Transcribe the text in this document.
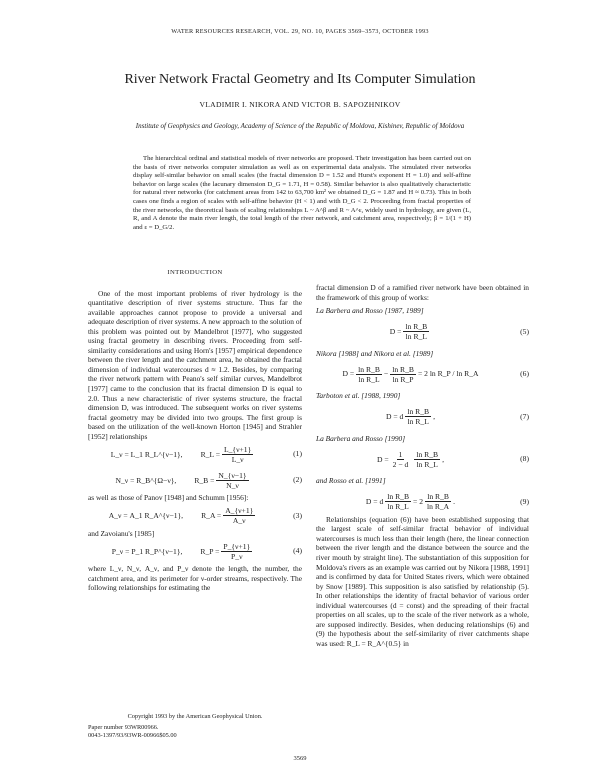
WATER RESOURCES RESEARCH, VOL. 29, NO. 10, PAGES 3569–3573, OCTOBER 1993
River Network Fractal Geometry and Its Computer Simulation
VLADIMIR I. NIKORA AND VICTOR B. SAPOZHNIKOV
Institute of Geophysics and Geology, Academy of Science of the Republic of Moldova, Kishinev, Republic of Moldova
The hierarchical ordinal and statistical models of river networks are proposed. Their investigation has been carried out on the basis of river networks computer simulation as well as on experimental data analysis. The simulated river networks display self-similar behavior on small scales (the fractal dimension D = 1.52 and Hurst's exponent H = 1.0) and self-affine behavior on large scales (the lacunary dimension D_G = 1.71, H = 0.58). Similar behavior is also qualitatively characteristic for natural river networks (for catchment areas from 142 to 63,700 km² we obtained D_G = 1.87 and H ≈ 0.73). This in both cases one finds a region of scales with self-affine behavior (H < 1) and with D_G < 2. Proceeding from fractal properties of the river networks, the theoretical basis of scaling relationships L ~ A^β and R ~ A^ε, widely used in hydrology, are given (L, R, and A denote the main river length, the total length of the river network, and catchment area, respectively; β = 1/(1 + H) and ε = D_G/2.
INTRODUCTION

One of the most important problems of river hydrology is the quantitative description of river systems structure. Thus far the available approaches cannot propose to provide a universal and adequate description of river systems. A new approach to the solution of this problem was pointed out by Mandelbrot [1977], who suggested using fractal geometry in describing rivers. Proceeding from self-similarity considerations and using Horn's [1957] empirical dependence between the river length and the catchment area, he obtained the fractal dimension of individual watercourses d ≈ 1.2. Besides, by comparing the river network pattern with Peano's self similar curves, Mandelbrot [1977] came to the conclusion that its fractal dimension D is equal to 2.0. Thus a new characteristic of river systems structure, the fractal dimension D, was introduced. The subsequent works on river systems fractal geometry may be divided into two groups. The first group is based on the utilization of the well-known Horton [1945] and Strahler [1952] relationships

L_ν = L_1 R_L^{ν−1}, R_L = $\frac{L\_\{\nu+1\}}{L\_\nu}$	(1)
N_ν = R_B^{Ω−ν}, R_B = $\frac{N\_\{\nu-1\}}{N\_\nu}$	(2)

as well as those of Panov [1948] and Schumm [1956]:

A_ν = A_1 R_A^{ν−1}, R_A = $\frac{A\_\{\nu+1\}}{A\_\nu}$	(3)

and Zavoianu's [1985]

P_ν = P_1 R_P^{ν−1}, R_P = $\frac{P\_\{\nu+1\}}{P\_\nu}$	(4)

where L_ν, N_ν, A_ν, and P_ν denote the length, the number, the catchment area, and its perimeter for ν-order streams, respectively. The following relationships for estimating the

fractal dimension D of a ramified river network have been obtained in the framework of this group of works:

La Barbera and Rosso [1987, 1989]
$D = \frac{\text{ln R\_B}}{\text{ln R\_L}}$	(5)
Nikora [1988] and Nikora et al. [1989]
$D = \frac{\text{ln R\_B}}{\text{ln R\_L}} - \frac{\text{ln R\_B}}{\text{ln R\_P}} = 2$ ln R_P / ln R_A	(6)
Tarboton et al. [1988, 1990]
D = d $\frac{\text{ln R\_B}}{\text{ln R\_L}}$ ,	(7)
La Barbera and Rosso [1990]
$D = \frac{1}{2 - d} \frac{\text{ln R\_B}}{\text{ln R\_L}}$ ,	(8)
and Rosso et al. [1991]
D = d $\frac{\text{ln R\_B}}{\text{ln R\_L}} = 2 \frac{\text{ln R\_B}}{\text{ln R\_A}}$ .	(9)

Relationships (equation (6)) have been established supposing that the largest scale of self-similar fractal behavior of individual watercourses is much less than their length (here, the linear connection between the river length and the distance between the source and the river mouth by straight line). The substantiation of this supposition for Moldova's rivers as an example was carried out by Nikora [1988, 1991] and is confirmed by data for United States rivers, which were obtained by Snow [1989]. This supposition is also satisfied by relationship (5). In other relationships the identity of fractal behavior of various order individual watercourses (d = const) and the spreading of their fractal properties on all scales, up to the scale of the river network as a whole, are supposed indirectly. Besides, when deducing relationships (6) and (9) the hypothesis about the self-similarity of river catchments shape was used: R_L = R_A^{0.5} in

Copyright 1993 by the American Geophysical Union.
Paper number 93WR00966.
0043-1397/93/93WR-00966$05.00
3569
